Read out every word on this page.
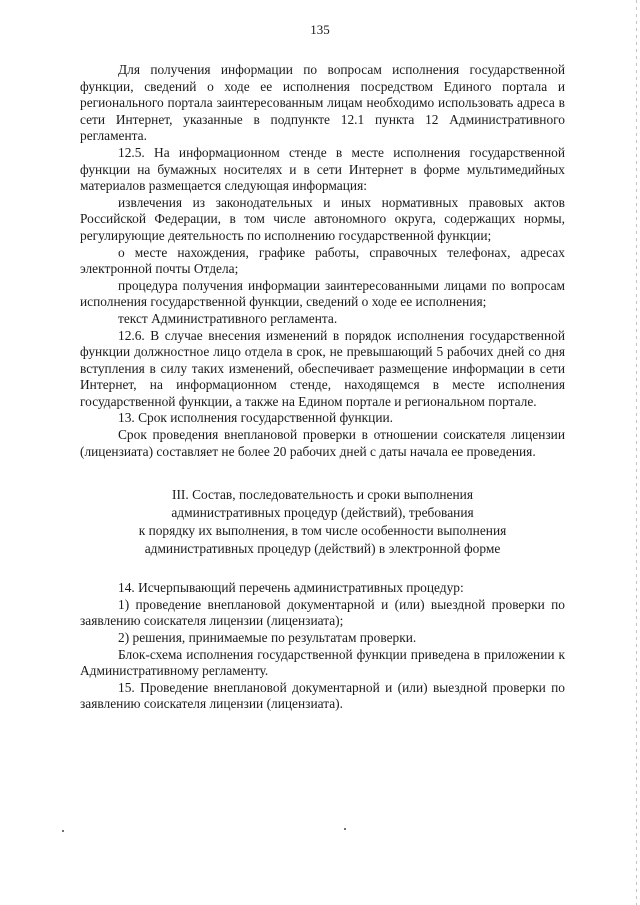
135

Для получения информации по вопросам исполнения государственной функции, сведений о ходе ее исполнения посредством Единого портала и регионального портала заинтересованным лицам необходимо использовать адреса в сети Интернет, указанные в подпункте 12.1 пункта 12 Административного регламента.

12.5. На информационном стенде в месте исполнения государственной функции на бумажных носителях и в сети Интернет в форме мультимедийных материалов размещается следующая информация:

извлечения из законодательных и иных нормативных правовых актов Российской Федерации, в том числе автономного округа, содержащих нормы, регулирующие деятельность по исполнению государственной функции;

о месте нахождения, графике работы, справочных телефонах, адресах электронной почты Отдела;

процедура получения информации заинтересованными лицами по вопросам исполнения государственной функции, сведений о ходе ее исполнения;

текст Административного регламента.

12.6. В случае внесения изменений в порядок исполнения государственной функции должностное лицо отдела в срок, не превышающий 5 рабочих дней со дня вступления в силу таких изменений, обеспечивает размещение информации в сети Интернет, на информационном стенде, находящемся в месте исполнения государственной функции, а также на Едином портале и региональном портале.

13. Срок исполнения государственной функции.

Срок проведения внеплановой проверки в отношении соискателя лицензии (лицензиата) составляет не более 20 рабочих дней с даты начала ее проведения.

III. Состав, последовательность и сроки выполнения
административных процедур (действий), требования
к порядку их выполнения, в том числе особенности выполнения
административных процедур (действий) в электронной форме

14. Исчерпывающий перечень административных процедур:

1) проведение внеплановой документарной и (или) выездной проверки по заявлению соискателя лицензии (лицензиата);

2) решения, принимаемые по результатам проверки.

Блок-схема исполнения государственной функции приведена в приложении к Административному регламенту.

15. Проведение внеплановой документарной и (или) выездной проверки по заявлению соискателя лицензии (лицензиата).
